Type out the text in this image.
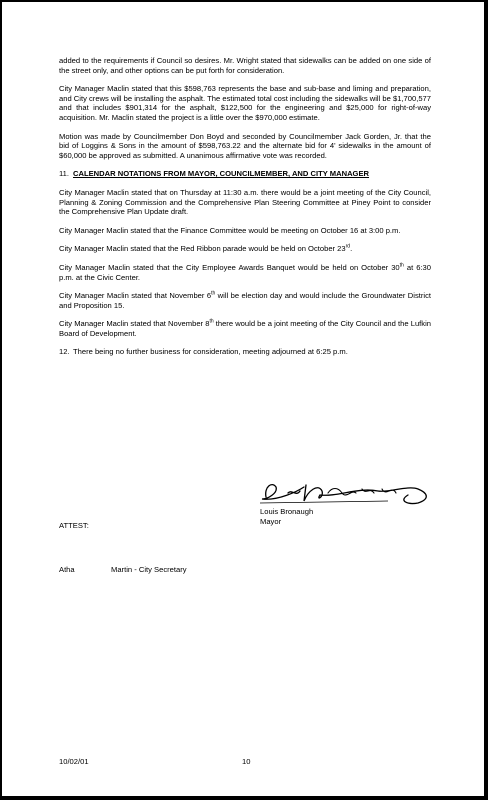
added to the requirements if Council so desires. Mr. Wright stated that sidewalks can be added on one side of the street only, and other options can be put forth for consideration.

City Manager Maclin stated that this $598,763 represents the base and sub-base and liming and preparation, and City crews will be installing the asphalt. The estimated total cost including the sidewalks will be $1,700,577 and that includes $901,314 for the asphalt, $122,500 for the engineering and $25,000 for right-of-way acquisition. Mr. Maclin stated the project is a little over the $970,000 estimate.

Motion was made by Councilmember Don Boyd and seconded by Councilmember Jack Gorden, Jr. that the bid of Loggins & Sons in the amount of $598,763.22 and the alternate bid for 4' sidewalks in the amount of $60,000 be approved as submitted. A unanimous affirmative vote was recorded.

11. CALENDAR NOTATIONS FROM MAYOR, COUNCILMEMBER, AND CITY MANAGER

City Manager Maclin stated that on Thursday at 11:30 a.m. there would be a joint meeting of the City Council, Planning & Zoning Commission and the Comprehensive Plan Steering Committee at Piney Point to consider the Comprehensive Plan Update draft.

City Manager Maclin stated that the Finance Committee would be meeting on October 16 at 3:00 p.m.

City Manager Maclin stated that the Red Ribbon parade would be held on October 23rd.

City Manager Maclin stated that the City Employee Awards Banquet would be held on October 30th at 6:30 p.m. at the Civic Center.

City Manager Maclin stated that November 6th will be election day and would include the Groundwater District and Proposition 15.

City Manager Maclin stated that November 8th there would be a joint meeting of the City Council and the Lufkin Board of Development.

12. There being no further business for consideration, meeting adjourned at 6:25 p.m.
Louis Bronaugh
Mayor
ATTEST:
Atha	Martin - City Secretary
10/02/01	10
